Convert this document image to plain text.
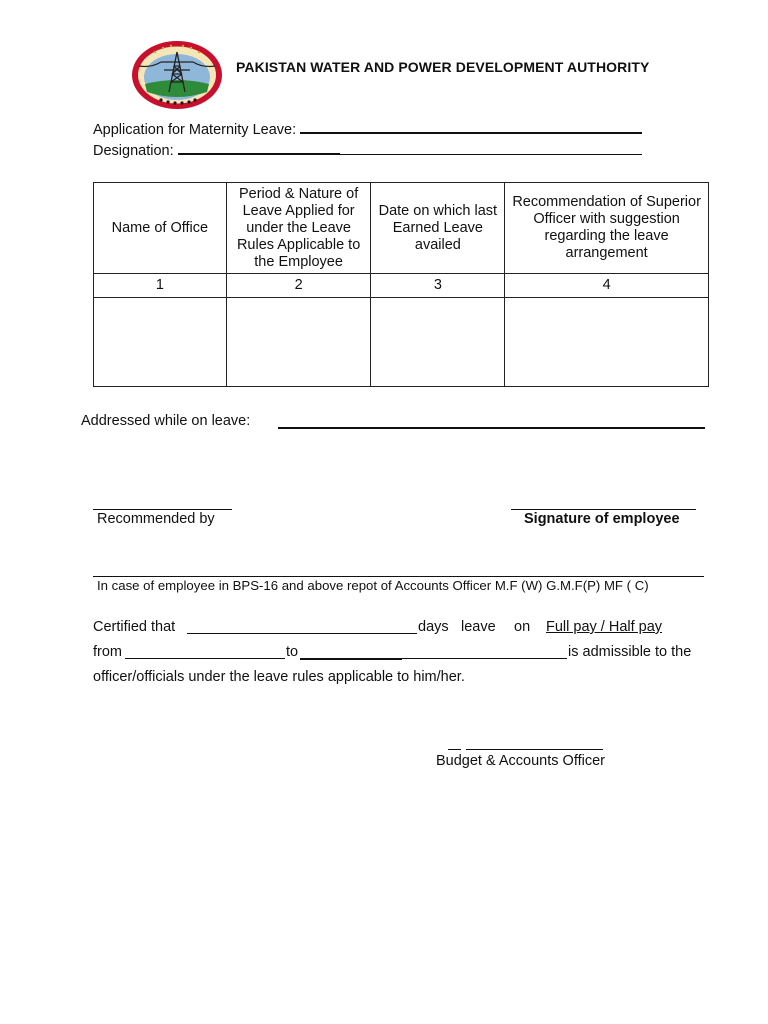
PAKISTAN WATER AND POWER DEVELOPMENT AUTHORITY
Application for Maternity Leave:
Designation:
Name of Office	Period & Nature of Leave Applied for under the Leave Rules Applicable to the Employee	Date on which last Earned Leave availed	Recommendation of Superior Officer with suggestion regarding the leave arrangement
1	2	3	4

Addressed while on leave:
Recommended by	Signature of employee
In case of employee in BPS-16 and above repot of Accounts Officer M.F (W) G.M.F(P) MF ( C)
Certified that	days leave on Full pay / Half pay
from	to	is admissible to the
officer/officials under the leave rules applicable to him/her.
Budget & Accounts Officer
